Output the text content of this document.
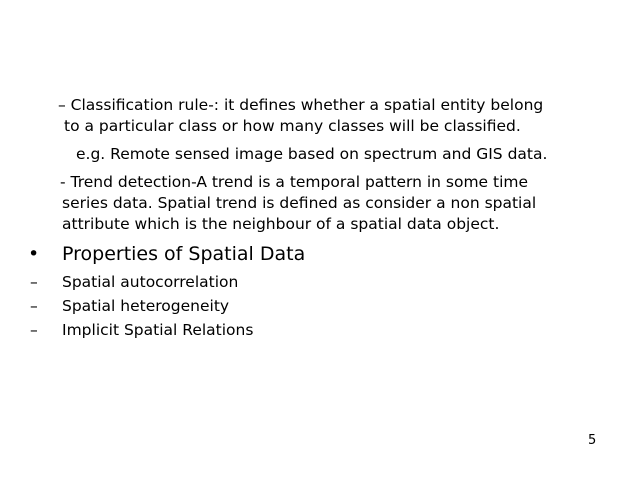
– Classification rule-: it defines whether a spatial entity belong
to a particular class or how many classes will be classified.
e.g. Remote sensed image based on spectrum and GIS data.
- Trend detection-A trend is a temporal pattern in some time
series data. Spatial trend is defined as consider a non spatial
attribute which is the neighbour of a spatial data object.
• Properties of Spatial Data
– Spatial autocorrelation
– Spatial heterogeneity
– Implicit Spatial Relations
5
